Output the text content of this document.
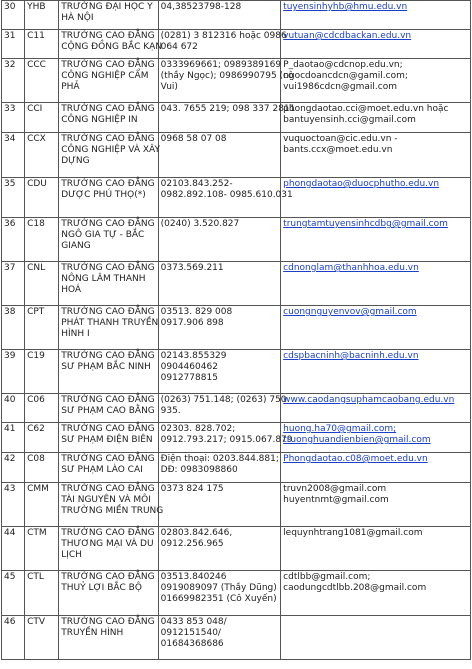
30	YHB	TRƯỜNG ĐẠI HỌC Y
HÀ NỘI	04,38523798-128	tuyensinhyhb@hmu.edu.vn

31	C11	TRƯỜNG CAO ĐẲNG
CỘNG ĐỒNG BẮC KẠN	(0281) 3 812316 hoặc 0986
064 672	vutuan@cdcdbackan.edu.vn

32	CCC	TRƯỜNG CAO ĐẲNG
CÔNG NGHIỆP CẨM
PHẢ	0333969661; 0989389169
(thầy Ngọc); 0986990795 (cô
Vui)	P_daotao@cdcnop.edu.vn;
ngocdoancdcn@gamil.com;
vui1986cdcn@gmail.com

33	CCI	TRƯỜNG CAO ĐẲNG
CÔNG NGHIỆP IN	043. 7655 219; 098 337 2811	phongdaotao.cci@moet.edu.vn hoặc
bantuyensinh.cci@gmail.com

34	CCX	TRƯỜNG CAO ĐẲNG
CÔNG NGHIỆP VÀ XÂY
DỰNG	0968 58 07 08	vuquoctoan@cic.edu.vn -
bants.ccx@moet.edu.vn

35	CDU	TRƯỜNG CAO ĐẲNG
DƯỢC PHÚ THỌ(*)	02103.843.252-
0982.892.108- 0985.610.031	phongdaotao@duocphutho.edu.vn

36	C18	TRƯỜNG CAO ĐẲNG
NGÔ GIA TỰ - BẮC
GIANG	(0240) 3.520.827	trungtamtuyensinhcdbg@gmail.com

37	CNL	TRƯỜNG CAO ĐẲNG
NÔNG LÂM THANH
HOÁ	0373.569.211	cdnonglam@thanhhoa.edu.vn

38	CPT	TRƯỜNG CAO ĐẲNG
PHÁT THANH TRUYỀN
HÌNH I	03513. 829 008
0917.906 898	cuongnguyenvov@gmail.com

39	C19	TRƯỜNG CAO ĐẲNG
SƯ PHẠM BẮC NINH	02143.855329
0904460462
0912778815	cdspbacninh@bacninh.edu.vn

40	C06	TRƯỜNG CAO ĐẲNG
SƯ PHẠM CAO BẰNG	(0263) 751.148; (0263) 750
935.	www.caodangsuphamcaobang.edu.vn

41	C62	TRƯỜNG CAO ĐẲNG
SƯ PHẠM ĐIỆN BIÊN	02303. 828.702;
0912.793.217; 0915.067.879	huong.ha70@gmail.com;
truonghuandienbien@gmail.com

42	C08	TRƯỜNG CAO ĐẲNG
SƯ PHẠM LÀO CAI	Điện thoại: 0203.844.881;
DĐ: 0983098860	Phongdaotao.c08@moet.edu.vn

43	CMM	TRƯỜNG CAO ĐẲNG
TÀI NGUYÊN VÀ MÔI
TRƯỜNG MIỀN TRUNG	0373 824 175	truvn2008@gmail.com
huyentnmt@gmail.com

44	CTM	TRƯỜNG CAO ĐẲNG
THƯƠNG MẠI VÀ DU
LỊCH	02803.842.646,
0912.256.965	lequynhtrang1081@gmail.com

45	CTL	TRƯỜNG CAO ĐẲNG
THUỶ LỢI BẮC BỘ	03513.840246
0919089097 (Thầy Dũng)
01669982351 (Cô Xuyến)	cdtlbb@gmail.com;
caodungcdtlbb.208@gmail.com

46	CTV	TRƯỜNG CAO ĐẲNG
TRUYỀN HÌNH	0433 853 048/
0912151540/
01684368686	
